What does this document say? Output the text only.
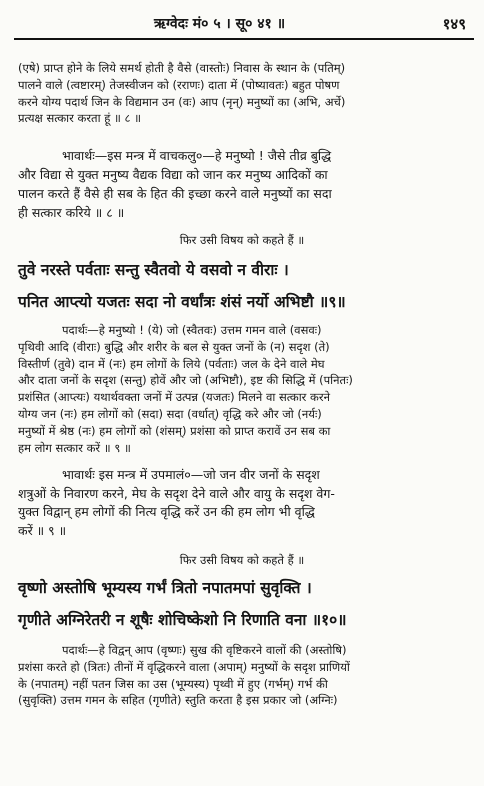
ऋग्वेदः मं० ५ । सू० ४१ ॥	१४९

(एषे) प्राप्त होने के लिये समर्थ होती है वैसे (वास्तोः) निवास के स्थान के (पतिम्)

पालने वाले (त्वष्टारम्) तेजस्वीजन को (रराणः) दाता में (पोष्यावतः) बहुत पोषण

करने योग्य पदार्थ जिन के विद्यमान उन (वः) आप (नृन्) मनुष्यों का (अभि, अर्चे)

प्रत्यक्ष सत्कार करता हूं ॥ ८ ॥

भावार्थः—इस मन्त्र में वाचकलु०—हे मनुष्यो ! जैसे तीव्र बुद्धि

और विद्या से युक्त मनुष्य वैद्यक विद्या को जान कर मनुष्य आदिकों का

पालन करते हैं वैसे ही सब के हित की इच्छा करने वाले मनुष्यों का सदा

ही सत्कार करिये ॥ ८ ॥

फिर उसी विषय को कहते हैं ॥
तुवे नरस्ते पर्वताः सन्तु स्वैतवो ये वसवो न वीराः ।
पनित आप्त्यो यजतः सदा नो वर्धांत्रः शंसं नर्यो अभिष्टौ ॥९॥

पदार्थः—हे मनुष्यो ! (ये) जो (स्वैतवः) उत्तम गमन वाले (वसवः)

पृथिवी आदि (वीराः) बुद्धि और शरीर के बल से युक्त जनों के (न) सदृश (ते)

विस्तीर्ण (तुवे) दान में (नः) हम लोगों के लिये (पर्वताः) जल के देने वाले मेघ

और दाता जनों के सदृश (सन्तु) होवें और जो (अभिष्टौ), इष्ट की सिद्धि में (पनितः)

प्रशंसित (आप्त्यः) यथार्थवक्ता जनों में उत्पन्न (यजतः) मिलने वा सत्कार करने

योग्य जन (नः) हम लोगों को (सदा) सदा (वर्धात्) वृद्धि करे और जो (नर्यः)

मनुष्यों में श्रेष्ठ (नः) हम लोगों को (शंसम्) प्रशंसा को प्राप्त करावें उन सब का

हम लोग सत्कार करें ॥ ९ ॥

भावार्थः इस मन्त्र में उपमालं०—जो जन वीर जनों के सदृश

शत्रुओं के निवारण करने, मेघ के सदृश देने वाले और वायु के सदृश वेग-

युक्त विद्वान् हम लोगों की नित्य वृद्धि करें उन की हम लोग भी वृद्धि

करें ॥ ९ ॥

फिर उसी विषय को कहते हैं ॥
वृष्णो अस्तोषि भूम्यस्य गर्भं त्रितो नपातमपां सुवृक्ति ।
गृणीते अग्निरेतरी न शूषैः शोचिष्केशो नि रिणाति वना ॥१०॥

पदार्थः—हे विद्वन् आप (वृष्णः) सुख की वृष्टिकरने वालों की (अस्तोषि)

प्रशंसा करते हो (त्रितः) तीनों में वृद्धिकरने वाला (अपाम्) मनुष्यों के सदृश प्राणियों

के (नपातम्) नहीं पतन जिस का उस (भूम्यस्य) पृथ्वी में हुए (गर्भम्) गर्भ की

(सुवृक्ति) उत्तम गमन के सहित (गृणीते) स्तुति करता है इस प्रकार जो (अग्निः)
